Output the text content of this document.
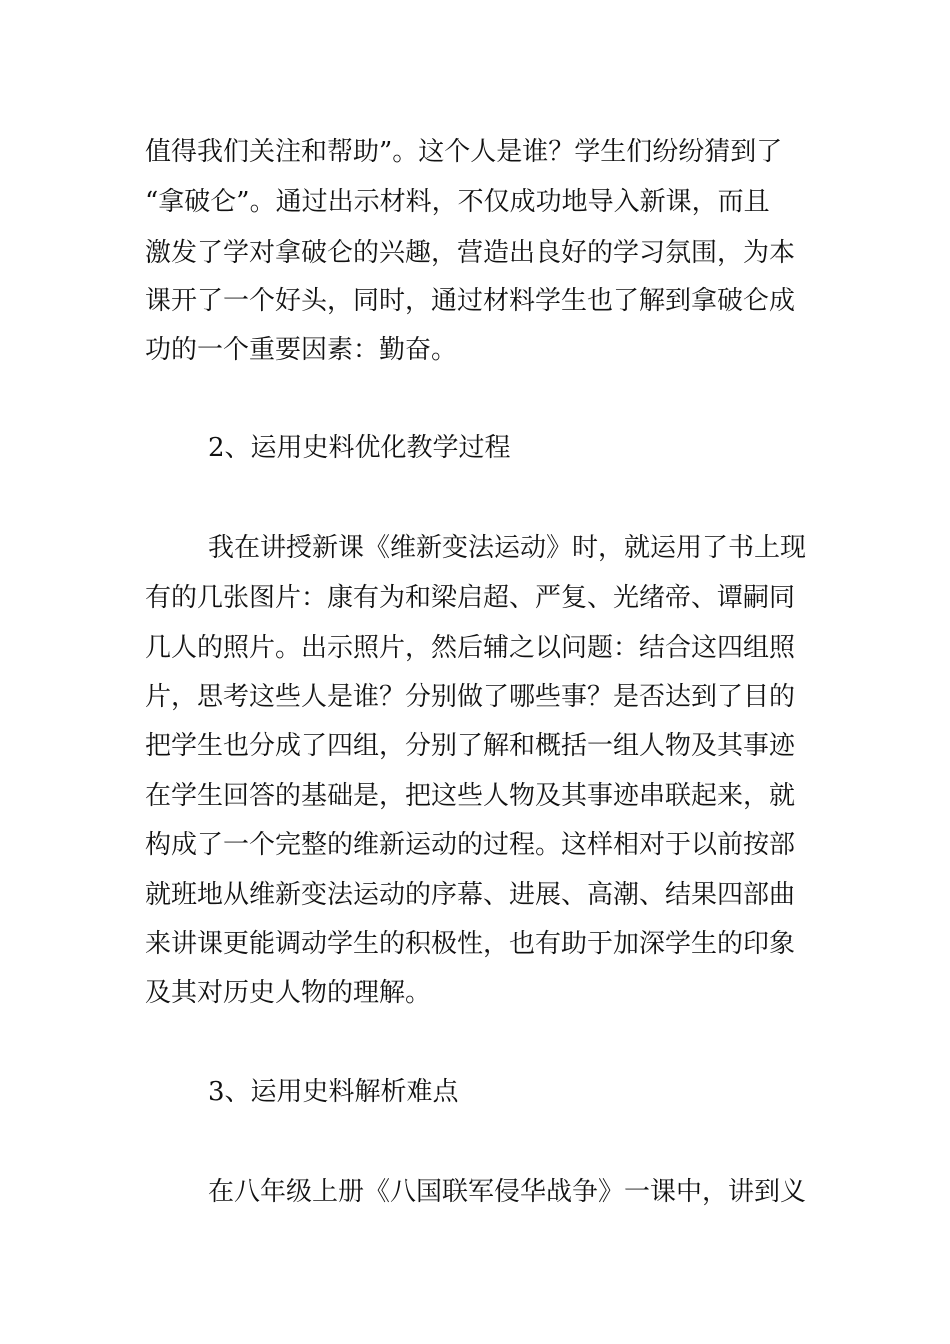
值得我们关注和帮助”。这个人是谁？学生们纷纷猜到了
“拿破仑”。通过出示材料，不仅成功地导入新课，而且
激发了学对拿破仑的兴趣，营造出良好的学习氛围，为本
课开了一个好头，同时，通过材料学生也了解到拿破仑成
功的一个重要因素：勤奋。
2、运用史料优化教学过程
我在讲授新课《维新变法运动》时，就运用了书上现
有的几张图片：康有为和梁启超、严复、光绪帝、谭嗣同
几人的照片。出示照片，然后辅之以问题：结合这四组照
片，思考这些人是谁？分别做了哪些事？是否达到了目的
把学生也分成了四组，分别了解和概括一组人物及其事迹
在学生回答的基础是，把这些人物及其事迹串联起来，就
构成了一个完整的维新运动的过程。这样相对于以前按部
就班地从维新变法运动的序幕、进展、高潮、结果四部曲
来讲课更能调动学生的积极性，也有助于加深学生的印象
及其对历史人物的理解。
3、运用史料解析难点
在八年级上册《八国联军侵华战争》一课中，讲到义
